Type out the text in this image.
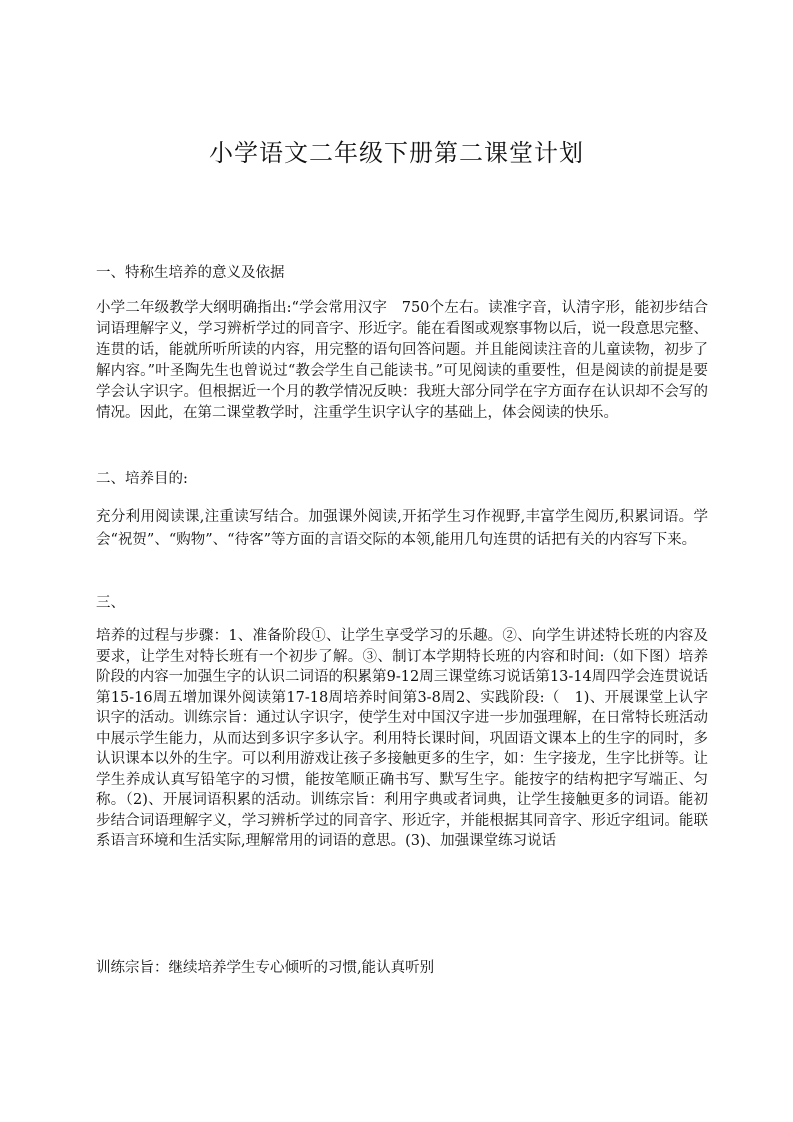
小学语文二年级下册第二课堂计划
一、特称生培养的意义及依据
小学二年级教学大纲明确指出:“学会常用汉字　750个左右。读准字音，认清字形，能初步结合词语理解字义，学习辨析学过的同音字、形近字。能在看图或观察事物以后，说一段意思完整、连贯的话，能就所听所读的内容，用完整的语句回答问题。并且能阅读注音的儿童读物，初步了解内容。”叶圣陶先生也曾说过“教会学生自己能读书。”可见阅读的重要性，但是阅读的前提是要学会认字识字。但根据近一个月的教学情况反映：我班大部分同学在字方面存在认识却不会写的情况。因此，在第二课堂教学时，注重学生识字认字的基础上，体会阅读的快乐。
二、培养目的:
充分利用阅读课,注重读写结合。加强课外阅读,开拓学生习作视野,丰富学生阅历,积累词语。学会“祝贺”、“购物”、“待客”等方面的言语交际的本领,能用几句连贯的话把有关的内容写下来。
三、
培养的过程与步骤：1、准备阶段①、让学生享受学习的乐趣。②、向学生讲述特长班的内容及要求，让学生对特长班有一个初步了解。③、制订本学期特长班的内容和时间:（如下图）培养阶段的内容一加强生字的认识二词语的积累第9-12周三课堂练习说话第13-14周四学会连贯说话第15-16周五增加课外阅读第17-18周培养时间第3-8周2、实践阶段:（　1)、开展课堂上认字识字的活动。训练宗旨：通过认字识字，使学生对中国汉字进一步加强理解，在日常特长班活动中展示学生能力，从而达到多识字多认字。利用特长课时间，巩固语文课本上的生字的同时，多认识课本以外的生字。可以利用游戏让孩子多接触更多的生字，如：生字接龙，生字比拼等。让学生养成认真写铅笔字的习惯，能按笔顺正确书写、默写生字。能按字的结构把字写端正、匀称。（2)、开展词语积累的活动。训练宗旨：利用字典或者词典，让学生接触更多的词语。能初步结合词语理解字义，学习辨析学过的同音字、形近字，并能根据其同音字、形近字组词。能联系语言环境和生活实际,理解常用的词语的意思。(3)、加强课堂练习说话
训练宗旨：继续培养学生专心倾听的习惯,能认真听别
